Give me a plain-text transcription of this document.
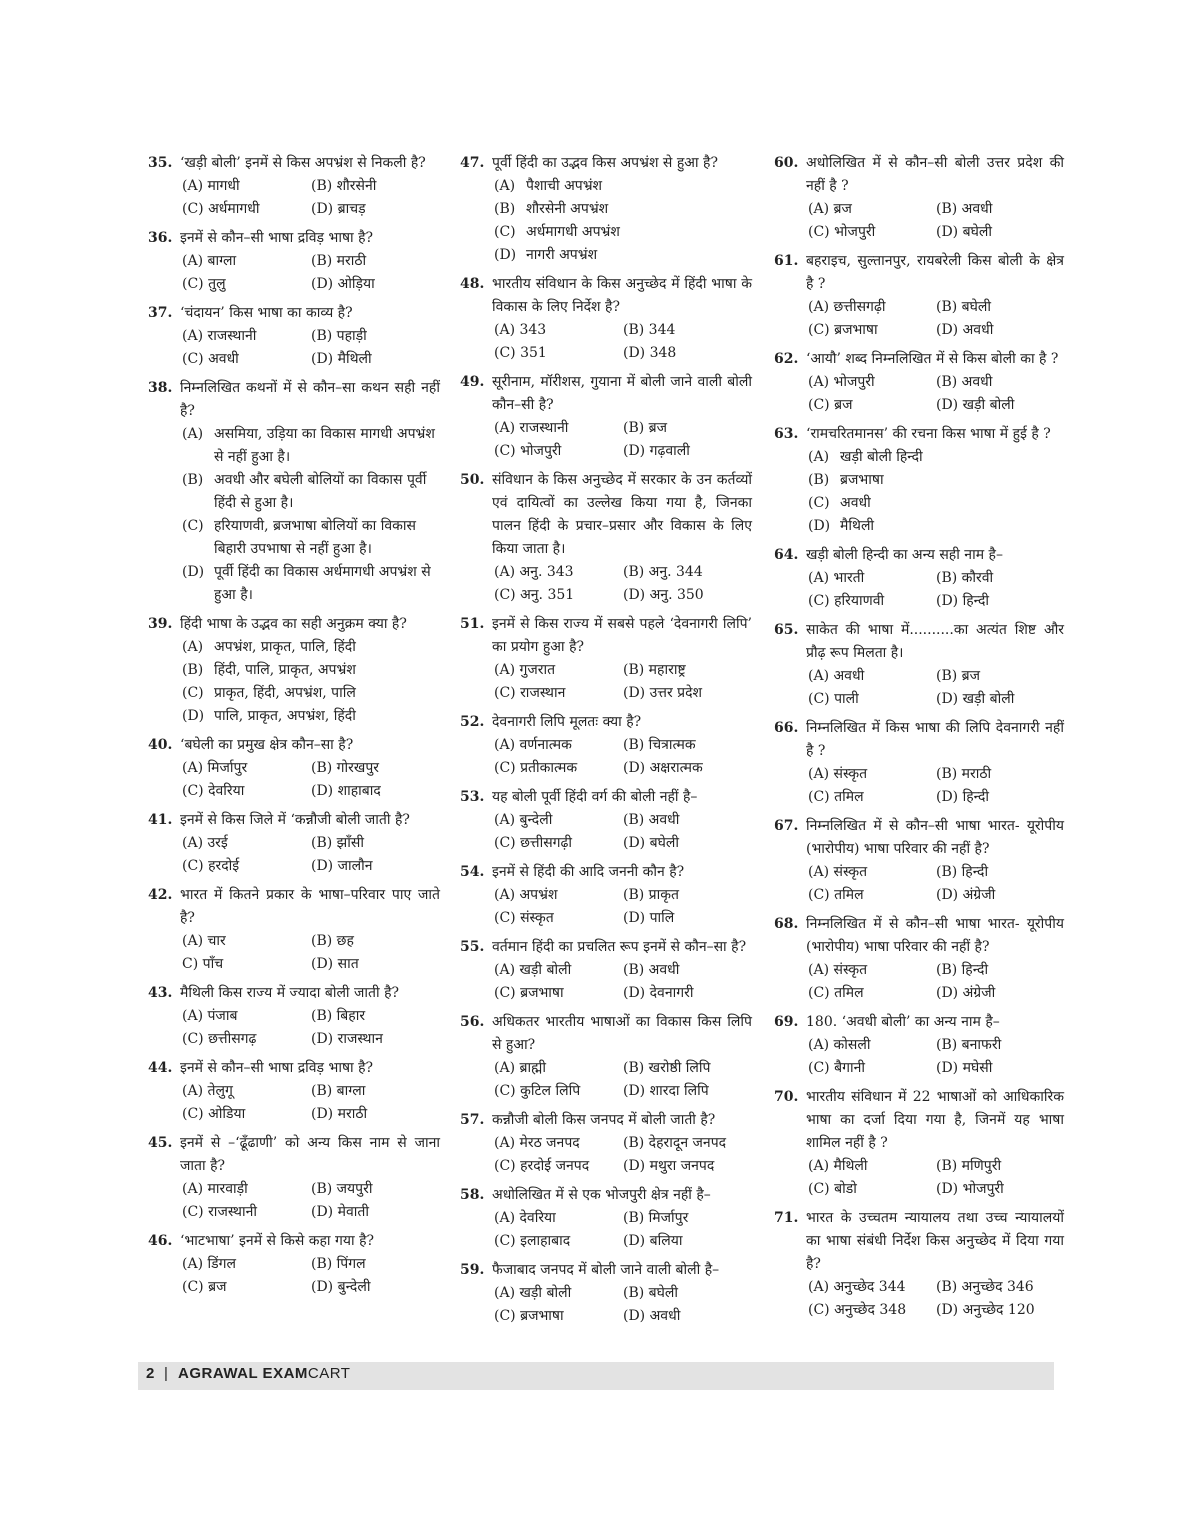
35. ‘खड़ी बोली’ इनमें से किस अपभ्रंश से निकली है?
(A) मागधी	(B) शौरसेनी
(C) अर्धमागधी	(D) ब्राचड़
36. इनमें से कौन–सी भाषा द्रविड़ भाषा है?
(A) बाग्ला	(B) मराठी
(C) तुलु	(D) ओड़िया
37. ‘चंदायन’ किस भाषा का काव्य है?
(A) राजस्थानी	(B) पहाड़ी
(C) अवधी	(D) मैथिली
38. निम्नलिखित कथनों में से कौन–सा कथन सही नहीं है?
(A) असमिया, उड़िया का विकास मागधी अपभ्रंश से नहीं हुआ है।
(B) अवधी और बघेली बोलियों का विकास पूर्वी हिंदी से हुआ है।
(C) हरियाणवी, ब्रजभाषा बोलियों का विकास बिहारी उपभाषा से नहीं हुआ है।
(D) पूर्वी हिंदी का विकास अर्धमागधी अपभ्रंश से हुआ है।
39. हिंदी भाषा के उद्भव का सही अनुक्रम क्या है?
(A) अपभ्रंश, प्राकृत, पालि, हिंदी
(B) हिंदी, पालि, प्राकृत, अपभ्रंश
(C) प्राकृत, हिंदी, अपभ्रंश, पालि
(D) पालि, प्राकृत, अपभ्रंश, हिंदी
40. ‘बघेली का प्रमुख क्षेत्र कौन–सा है?
(A) मिर्जापुर	(B) गोरखपुर
(C) देवरिया	(D) शाहाबाद
41. इनमें से किस जिले में ‘कन्नौजी बोली जाती है?
(A) उरई	(B) झाँसी
(C) हरदोई	(D) जालौन
42. भारत में कितने प्रकार के भाषा–परिवार पाए जाते है?
(A) चार	(B) छह
C) पाँच	(D) सात
43. मैथिली किस राज्य में ज्यादा बोली जाती है?
(A) पंजाब	(B) बिहार
(C) छत्तीसगढ़	(D) राजस्थान
44. इनमें से कौन–सी भाषा द्रविड़ भाषा है?
(A) तेलुगू	(B) बाग्ला
(C) ओडिया	(D) मराठी
45. इनमें से –‘ढूँढाणी’ को अन्य किस नाम से जाना जाता है?
(A) मारवाड़ी	(B) जयपुरी
(C) राजस्थानी	(D) मेवाती
46. ‘भाटभाषा’ इनमें से किसे कहा गया है?
(A) डिंगल	(B) पिंगल
(C) ब्रज	(D) बुन्देली
47. पूर्वी हिंदी का उद्भव किस अपभ्रंश से हुआ है?
(A) पैशाची अपभ्रंश
(B) शौरसेनी अपभ्रंश
(C) अर्धमागधी अपभ्रंश
(D) नागरी अपभ्रंश
48. भारतीय संविधान के किस अनुच्छेद में हिंदी भाषा के विकास के लिए निर्देश है?
(A) 343	(B) 344
(C) 351	(D) 348
49. सूरीनाम, मॉरीशस, गुयाना में बोली जाने वाली बोली कौन–सी है?
(A) राजस्थानी	(B) ब्रज
(C) भोजपुरी	(D) गढ़वाली
50. संविधान के किस अनुच्छेद में सरकार के उन कर्तव्यों एवं दायित्वों का उल्लेख किया गया है, जिनका पालन हिंदी के प्रचार–प्रसार और विकास के लिए किया जाता है।
(A) अनु. 343	(B) अनु. 344
(C) अनु. 351	(D) अनु. 350
51. इनमें से किस राज्य में सबसे पहले ‘देवनागरी लिपि’ का प्रयोग हुआ है?
(A) गुजरात	(B) महाराष्ट्र
(C) राजस्थान	(D) उत्तर प्रदेश
52. देवनागरी लिपि मूलतः क्या है?
(A) वर्णनात्मक	(B) चित्रात्मक
(C) प्रतीकात्मक	(D) अक्षरात्मक
53. यह बोली पूर्वी हिंदी वर्ग की बोली नहीं है–
(A) बुन्देली	(B) अवधी
(C) छत्तीसगढ़ी	(D) बघेली
54. इनमें से हिंदी की आदि जननी कौन है?
(A) अपभ्रंश	(B) प्राकृत
(C) संस्कृत	(D) पालि
55. वर्तमान हिंदी का प्रचलित रूप इनमें से कौन–सा है?
(A) खड़ी बोली	(B) अवधी
(C) ब्रजभाषा	(D) देवनागरी
56. अधिकतर भारतीय भाषाओं का विकास किस लिपि से हुआ?
(A) ब्राह्मी	(B) खरोष्ठी लिपि
(C) कुटिल लिपि	(D) शारदा लिपि
57. कन्नौजी बोली किस जनपद में बोली जाती है?
(A) मेरठ जनपद	(B) देहरादून जनपद
(C) हरदोई जनपद	(D) मथुरा जनपद
58. अधोलिखित में से एक भोजपुरी क्षेत्र नहीं है–
(A) देवरिया	(B) मिर्जापुर
(C) इलाहाबाद	(D) बलिया
59. फैजाबाद जनपद में बोली जाने वाली बोली है–
(A) खड़ी बोली	(B) बघेली
(C) ब्रजभाषा	(D) अवधी
60. अधोलिखित में से कौन–सी बोली उत्तर प्रदेश की नहीं है ?
(A) ब्रज	(B) अवधी
(C) भोजपुरी	(D) बघेली
61. बहराइच, सुल्तानपुर, रायबरेली किस बोली के क्षेत्र है ?
(A) छत्तीसगढ़ी	(B) बघेली
(C) ब्रजभाषा	(D) अवधी
62. ‘आयौ’ शब्द निम्नलिखित में से किस बोली का है ?
(A) भोजपुरी	(B) अवधी
(C) ब्रज	(D) खड़ी बोली
63. ‘रामचरितमानस’ की रचना किस भाषा में हुई है ?
(A) खड़ी बोली हिन्दी
(B) ब्रजभाषा
(C) अवधी
(D) मैथिली
64. खड़ी बोली हिन्दी का अन्य सही नाम है–
(A) भारती	(B) कौरवी
(C) हरियाणवी	(D) हिन्दी
65. साकेत की भाषा में..........का अत्यंत शिष्ट और प्रौढ़ रूप मिलता है।
(A) अवधी	(B) ब्रज
(C) पाली	(D) खड़ी बोली
66. निम्नलिखित में किस भाषा की लिपि देवनागरी नहीं है ?
(A) संस्कृत	(B) मराठी
(C) तमिल	(D) हिन्दी
67. निम्नलिखित में से कौन–सी भाषा भारत- यूरोपीय (भारोपीय) भाषा परिवार की नहीं है?
(A) संस्कृत	(B) हिन्दी
(C) तमिल	(D) अंग्रेजी
68. निम्नलिखित में से कौन–सी भाषा भारत- यूरोपीय (भारोपीय) भाषा परिवार की नहीं है?
(A) संस्कृत	(B) हिन्दी
(C) तमिल	(D) अंग्रेजी
69. 180. ‘अवधी बोली’ का अन्य नाम है–
(A) कोसली	(B) बनाफरी
(C) बैगानी	(D) मघेसी
70. भारतीय संविधान में 22 भाषाओं को आधिकारिक भाषा का दर्जा दिया गया है, जिनमें यह भाषा शामिल नहीं है ?
(A) मैथिली	(B) मणिपुरी
(C) बोडो	(D) भोजपुरी
71. भारत के उच्चतम न्यायालय तथा उच्च न्यायालयों का भाषा संबंधी निर्देश किस अनुच्छेद में दिया गया है?
(A) अनुच्छेद 344	(B) अनुच्छेद 346
(C) अनुच्छेद 348	(D) अनुच्छेद 120
2 | AGRAWAL EXAMCART
